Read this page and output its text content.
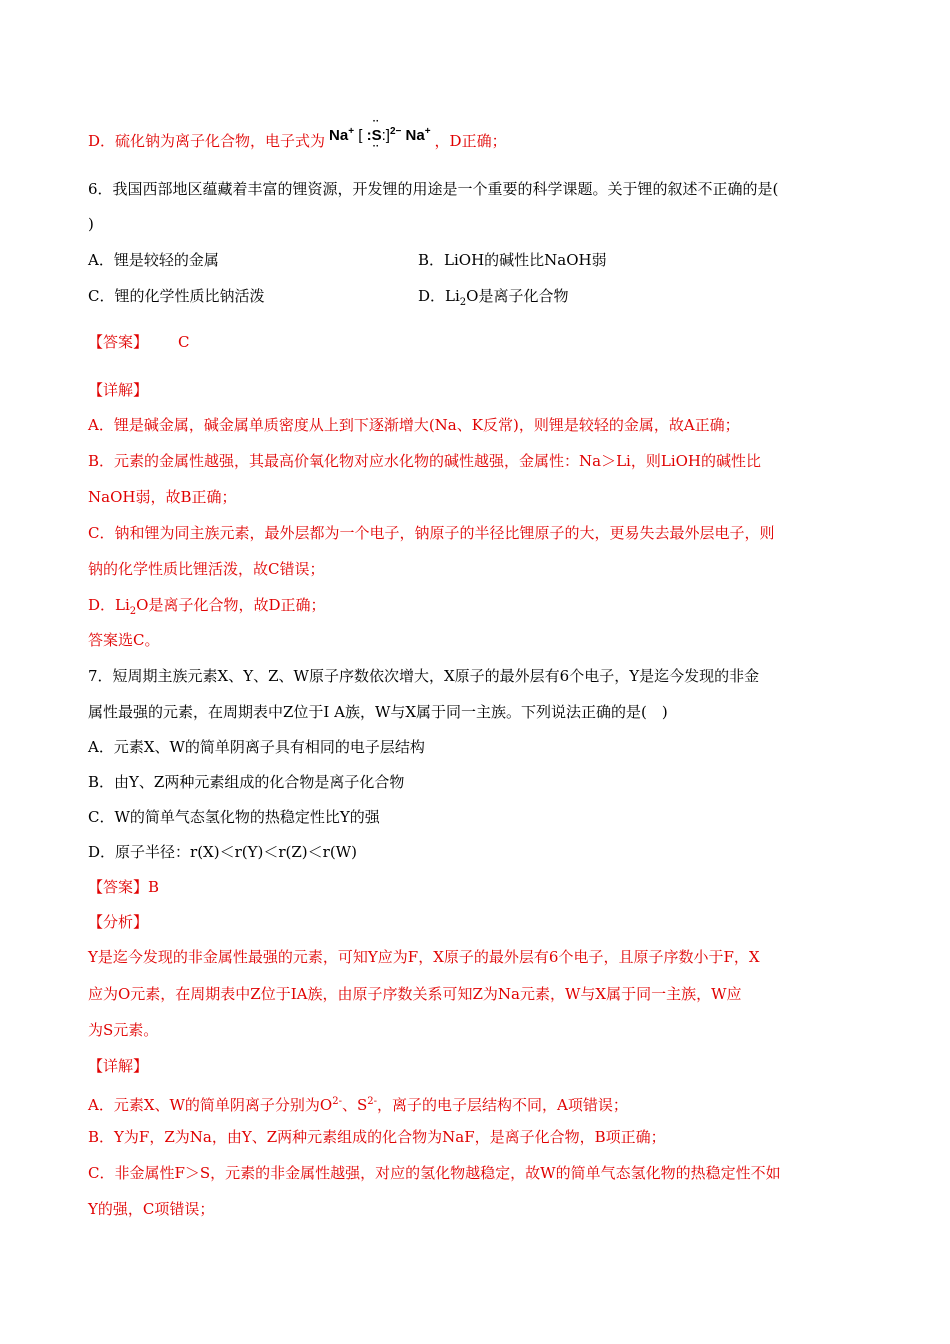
D．硫化钠为离子化合物，电子式为 Na+ [ :
··
S
··
:]$^{2-}$ Na+，D正确；
6．我国西部地区蕴藏着丰富的锂资源，开发锂的用途是一个重要的科学课题。关于锂的叙述不正确的是(
)
A．锂是较轻的金属	B．LiOH的碱性比NaOH弱
C．锂的化学性质比钠活泼	D．$Li_2O$是离子化合物
【答案】 C
【详解】
A．锂是碱金属，碱金属单质密度从上到下逐渐增大(Na、K反常)，则锂是较轻的金属，故A正确；
B．元素的金属性越强，其最高价氧化物对应水化物的碱性越强，金属性：Na＞Li，则LiOH的碱性比
NaOH弱，故B正确；
C．钠和锂为同主族元素，最外层都为一个电子，钠原子的半径比锂原子的大，更易失去最外层电子，则
钠的化学性质比锂活泼，故C错误；
D．$Li_2O$是离子化合物，故D正确；
答案选C。
7．短周期主族元素X、Y、Z、W原子序数依次增大，X原子的最外层有6个电子，Y是迄今发现的非金
属性最强的元素，在周期表中Z位于I A族，W与X属于同一主族。下列说法正确的是(　)
A．元素X、W的简单阴离子具有相同的电子层结构
B．由Y、Z两种元素组成的化合物是离子化合物
C．W的简单气态氢化物的热稳定性比Y的强
D．原子半径：r(X)＜r(Y)＜r(Z)＜r(W)
【答案】B
【分析】
Y是迄今发现的非金属性最强的元素，可知Y应为F，X原子的最外层有6个电子，且原子序数小于F，X
应为O元素，在周期表中Z位于IA族，由原子序数关系可知Z为Na元素，W与X属于同一主族，W应
为S元素。
【详解】
A．元素X、W的简单阴离子分别为$O^{2-}$、$S^{2-}$，离子的电子层结构不同，A项错误；
B．Y为F，Z为Na，由Y、Z两种元素组成的化合物为NaF，是离子化合物，B项正确；
C．非金属性F＞S，元素的非金属性越强，对应的氢化物越稳定，故W的简单气态氢化物的热稳定性不如
Y的强，C项错误；
